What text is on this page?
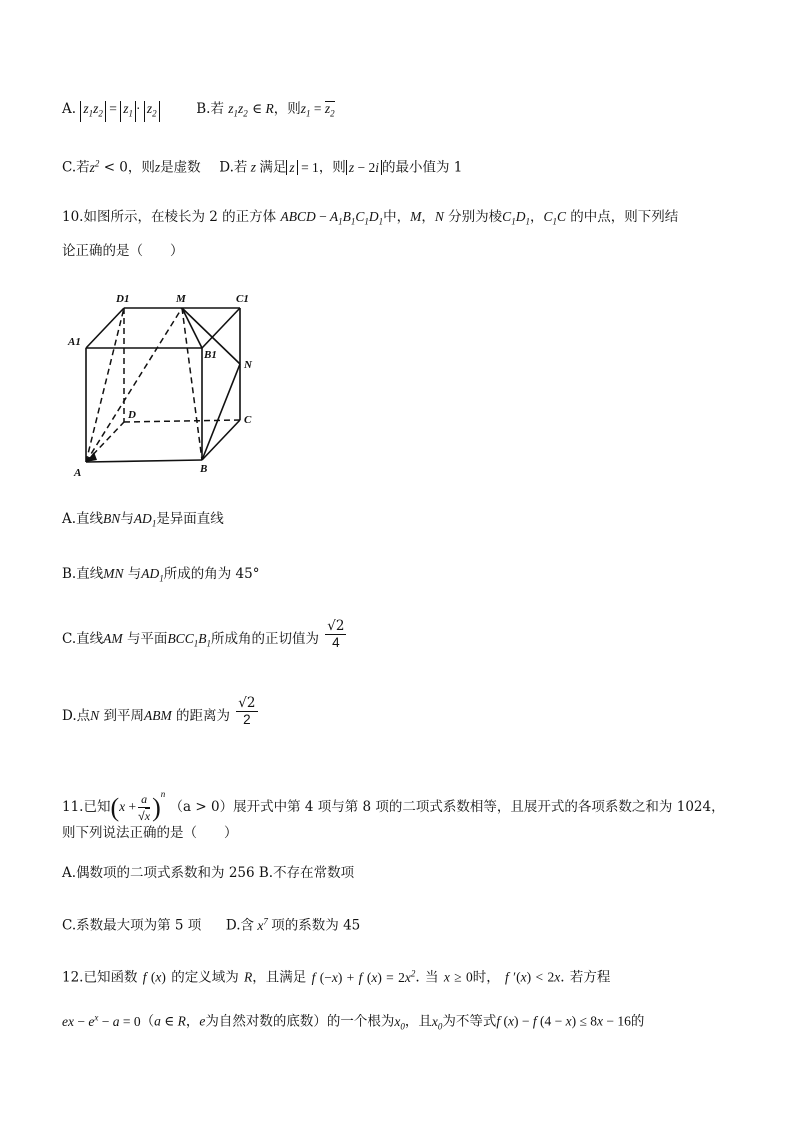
A. $z_1z_2 = z_1 \cdot z_2$	B.若 $z_1z_2$ ∈ R，则$z_1 = z_2$
C.若$z^2 < 0$，则z是虚数 D.若 z 满足 z = 1，则 z − 2i 的最小值为 1
10.如图所示，在棱长为 2 的正方体 ABCD − $A_1B_1C_1D_1$中，M，N 分别为棱$C_1D_1$，$C_1C$ 的中点，则下列结
论正确的是（　　）
D1	M	C1
A1
B1
N
D	C
A	B
A.直线BN与$AD_1$是异面直线
B.直线MN 与$AD_1$所成的角为 45°
C.直线AM 与平面$BCC_1B_1$所成角的正切值为 $\frac{√2}{4}$
D.点N 到平周ABM 的距离为 $\frac{√2}{2}$
11.已知$(x + \frac{a}{√x} )^n$ （a > 0）展开式中第 4 项与第 8 项的二项式系数相等，且展开式的各项系数之和为 1024，
则下列说法正确的是（　　）
A.偶数项的二项式系数和为 256 B.不存在常数项
C.系数最大项为第 5 项 D.含 $x^7$ 项的系数为 45
12.已知函数 f (x) 的定义域为 R，且满足 f (−x) + f $(x) = 2x^2$. 当 x ≥ 0时， f ′(x) < 2x. 若方程
ex − $e^x - a = 0(a$ ∈ R，e为自然对数的底数）的一个根为$x_0$，且$x_0$为不等式f (x) − f (4 − x) ≤ 8x − 16的
